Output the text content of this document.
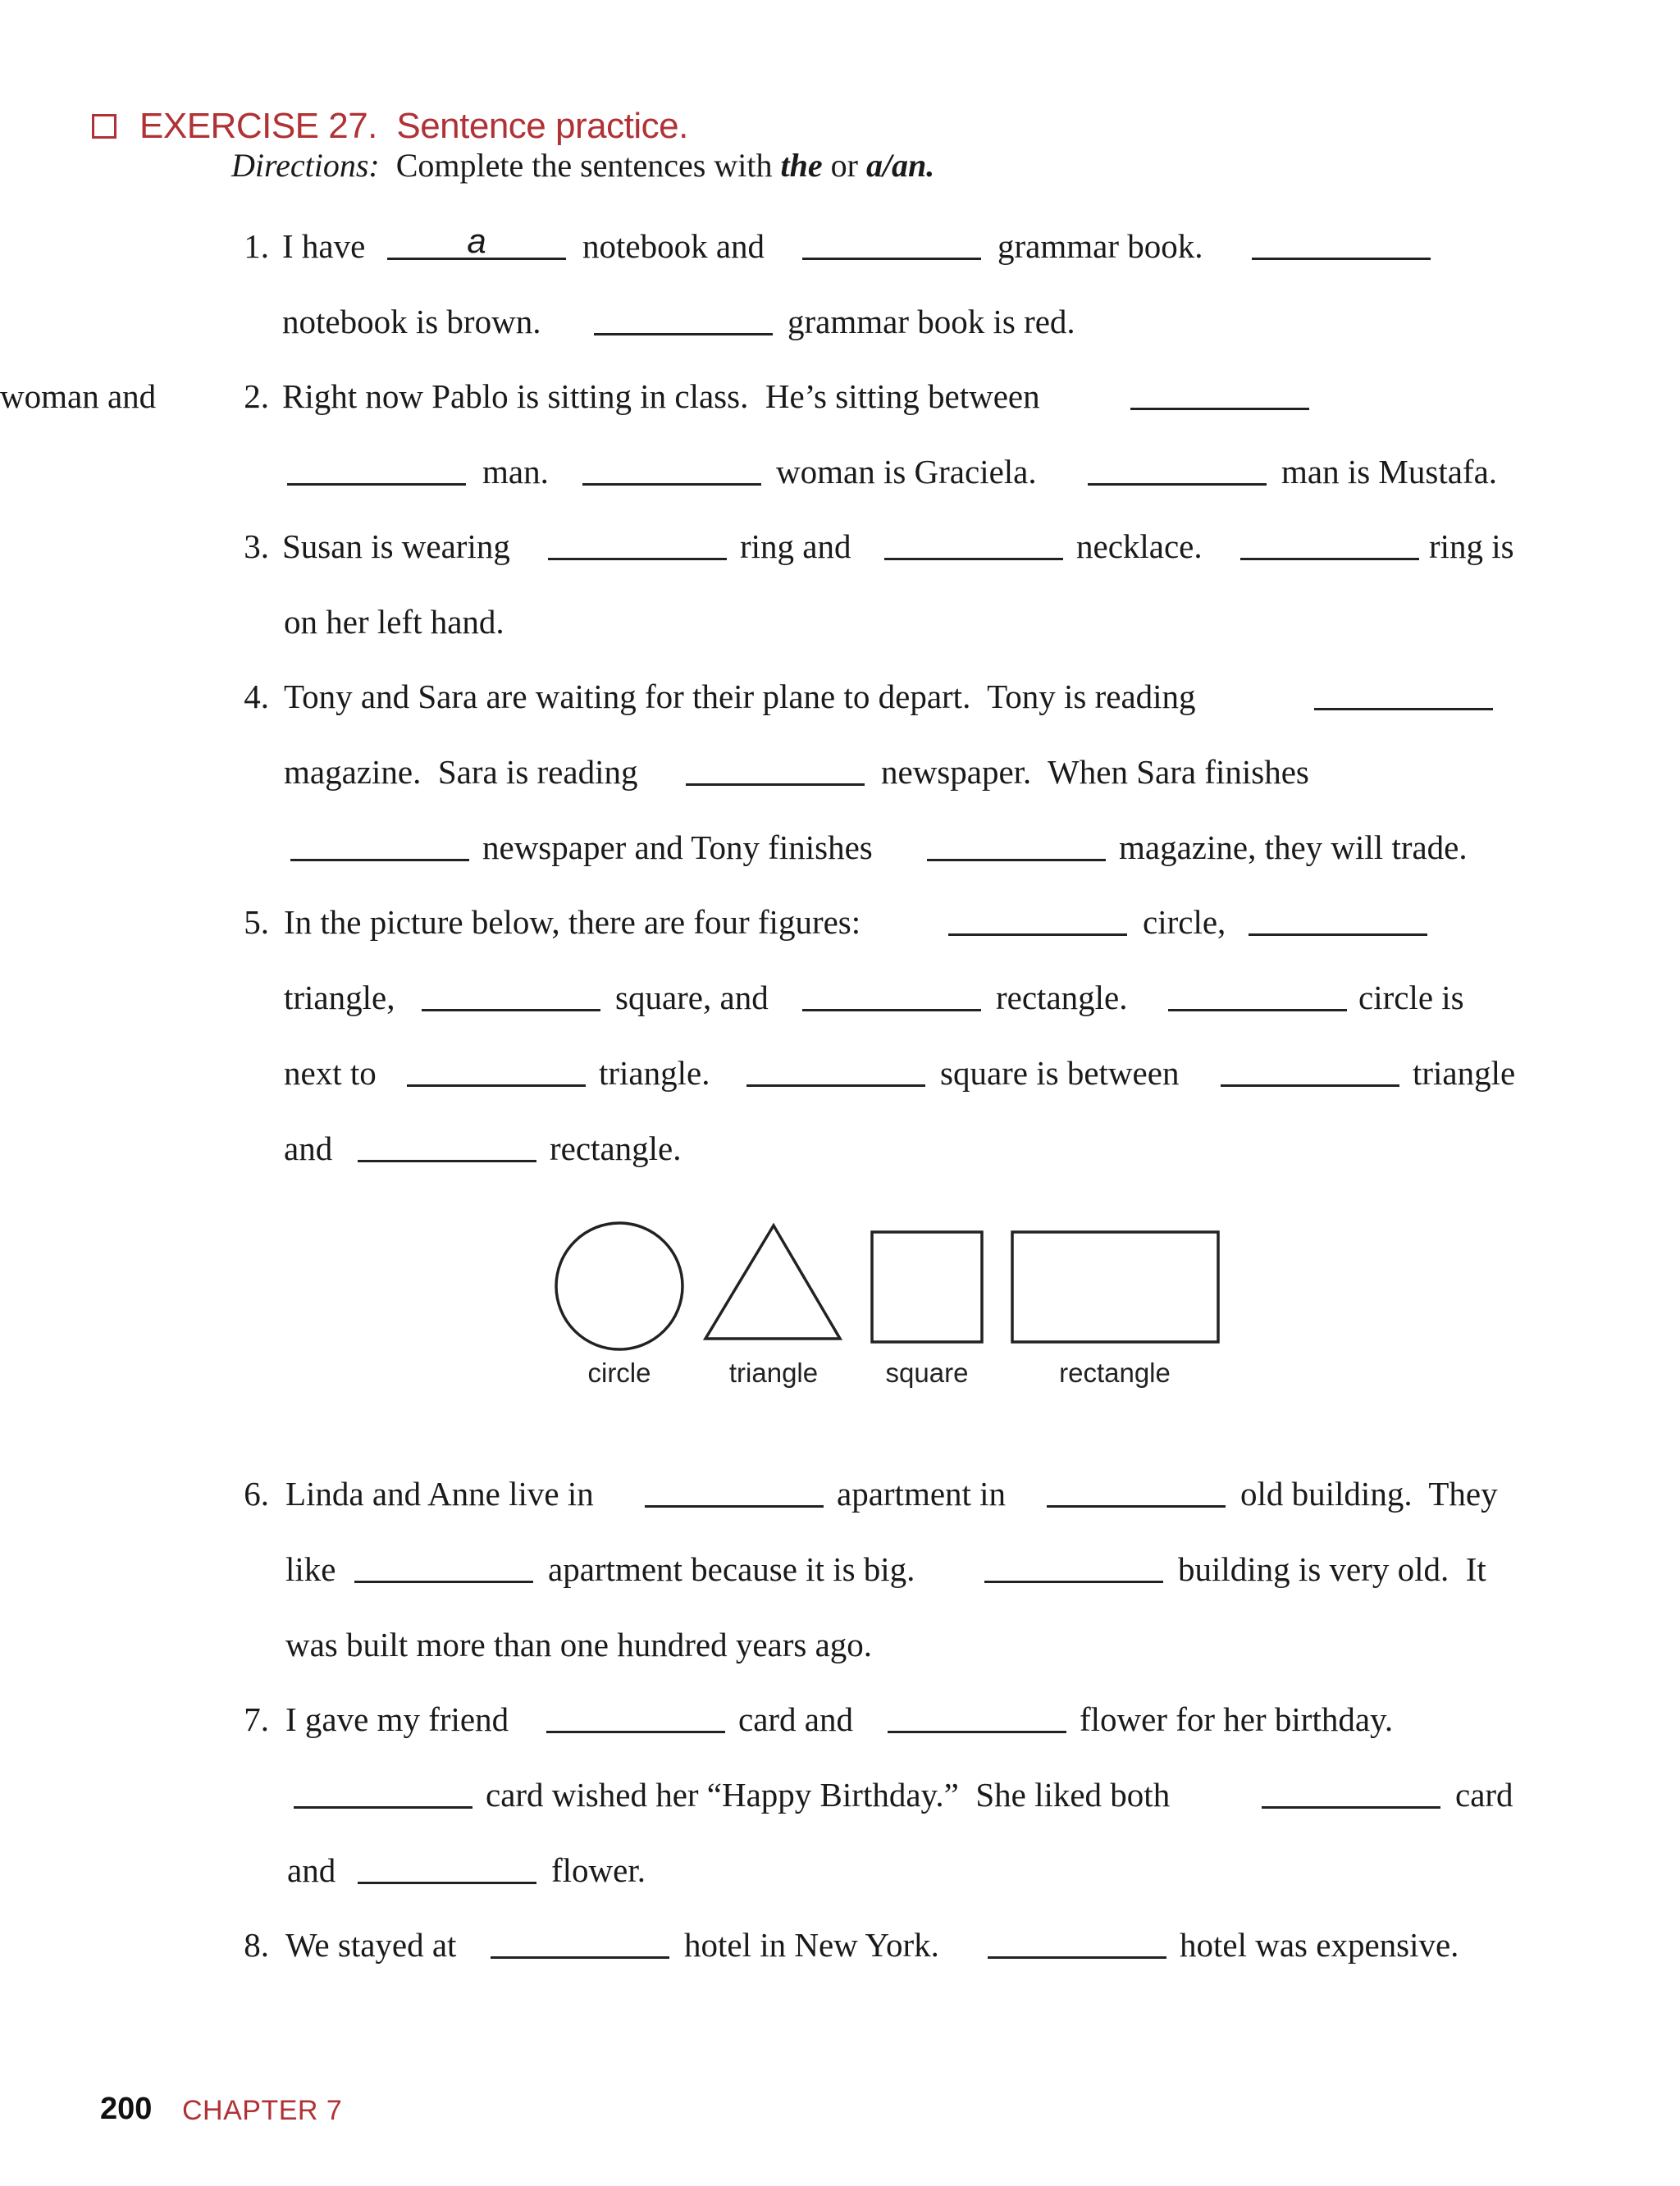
EXERCISE 27.  Sentence practice.
Directions: Complete the sentences with the or a/an.
1. I have	a	notebook and	grammar book.
notebook is brown.	grammar book is red.
2. Right now Pablo is sitting in class.  He’s sitting between
woman and
man.	woman is Graciela.	man is Mustafa.
3. Susan is wearing	ring and	necklace.	ring is
on her left hand.
4. Tony and Sara are waiting for their plane to depart.  Tony is reading
magazine.  Sara is reading	newspaper.  When Sara finishes
newspaper and Tony finishes	magazine, they will trade.
5. In the picture below, there are four figures:	circle,
triangle,	square, and	rectangle.	circle is
next to	triangle.	square is between	triangle
and	rectangle.
6. Linda and Anne live in	apartment in	old building.  They
like	apartment because it is big.	building is very old.  It
was built more than one hundred years ago.
7. I gave my friend	card and	flower for her birthday.
card wished her “Happy Birthday.”  She liked both	card
and	flower.
8. We stayed at	hotel in New York.	hotel was expensive.
circle	triangle	square	rectangle
200 CHAPTER 7
